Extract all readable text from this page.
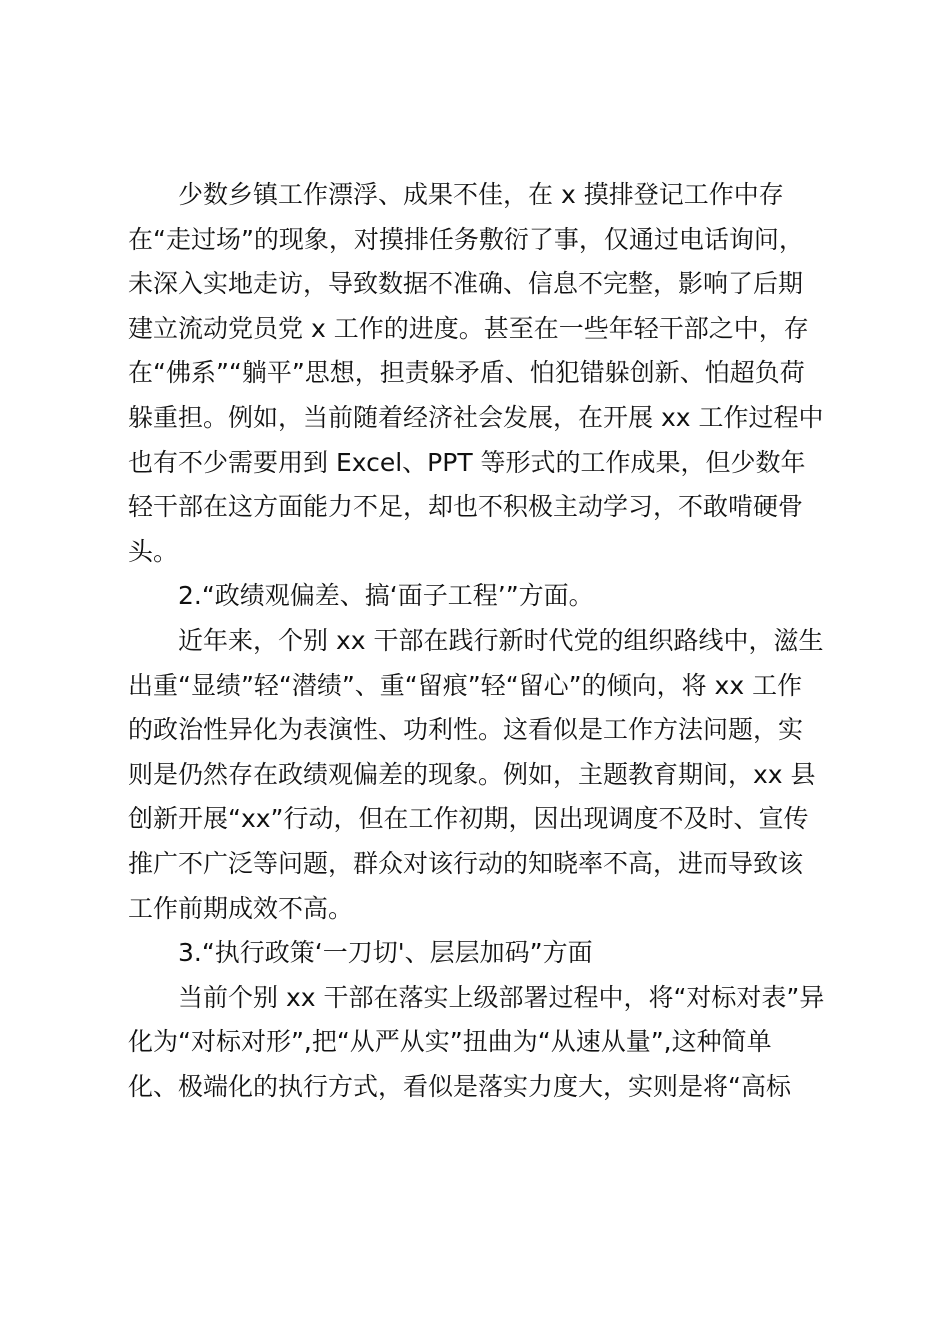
少数乡镇工作漂浮、成果不佳，在 x 摸排登记工作中存
在“走过场”的现象，对摸排任务敷衍了事，仅通过电话询问，
未深入实地走访，导致数据不准确、信息不完整，影响了后期
建立流动党员党 x 工作的进度。甚至在一些年轻干部之中，存
在“佛系”“躺平”思想，担责躲矛盾、怕犯错躲创新、怕超负荷
躲重担。例如，当前随着经济社会发展，在开展 xx 工作过程中
也有不少需要用到 Excel、PPT 等形式的工作成果，但少数年
轻干部在这方面能力不足，却也不积极主动学习，不敢啃硬骨
头。
2.“政绩观偏差、搞‘面子工程’”方面。
近年来，个别 xx 干部在践行新时代党的组织路线中，滋生
出重“显绩”轻“潜绩”、重“留痕”轻“留心”的倾向，将 xx 工作
的政治性异化为表演性、功利性。这看似是工作方法问题，实
则是仍然存在政绩观偏差的现象。例如，主题教育期间，xx 县
创新开展“xx”行动，但在工作初期，因出现调度不及时、宣传
推广不广泛等问题，群众对该行动的知晓率不高，进而导致该
工作前期成效不高。
3.“执行政策‘一刀切'、层层加码”方面
当前个别 xx 干部在落实上级部署过程中，将“对标对表”异
化为“对标对形”,把“从严从实”扭曲为“从速从量”,这种简单
化、极端化的执行方式，看似是落实力度大，实则是将“高标
